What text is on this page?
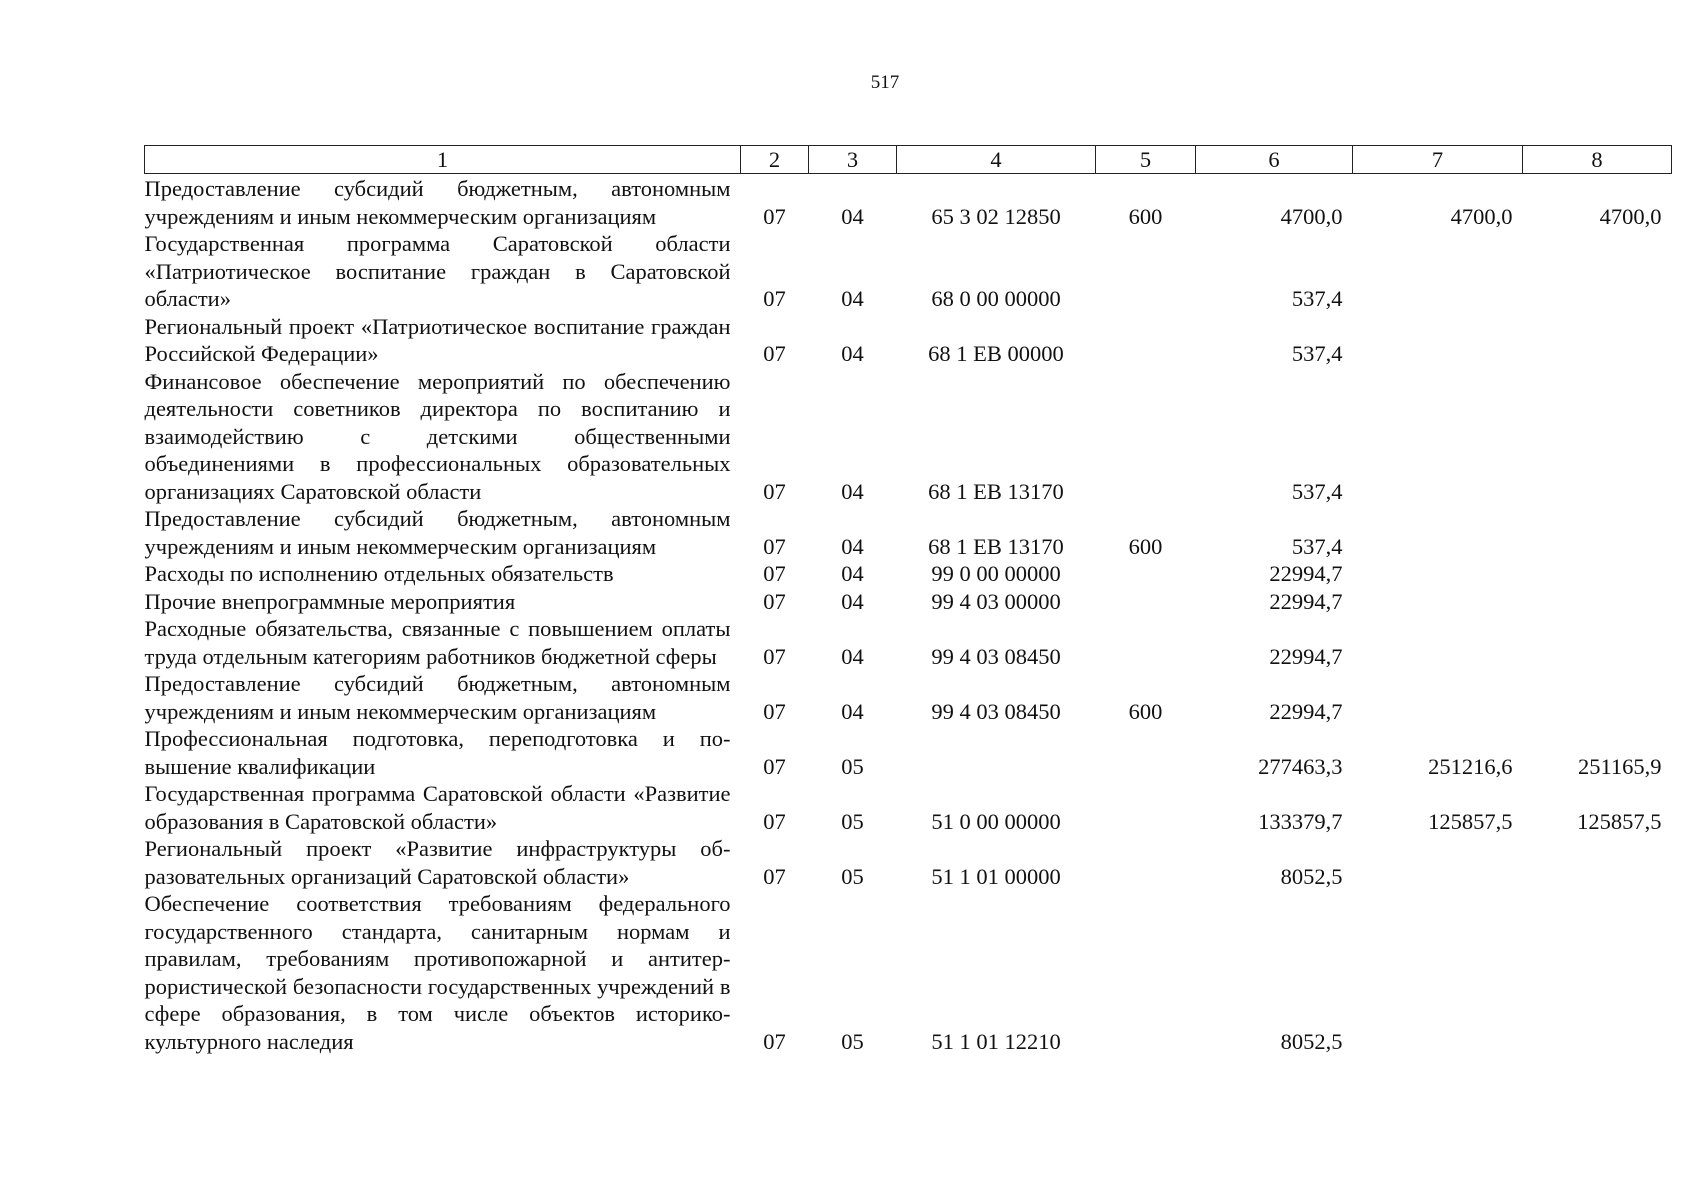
517
1	2	3	4	5	6	7	8
Предоставление субсидий бюджетным, автономным учреждениям и иным некоммерческим организациям	07	04	65 3 02 12850	600	4700,0	4700,0	4700,0
Государственная программа Саратовской области «Патриотическое воспитание граждан в Саратовской области»	07	04	68 0 00 00000		537,4		
Региональный проект «Патриотическое воспитание граждан Российской Федерации»	07	04	68 1 ЕВ 00000		537,4		
Финансовое обеспечение мероприятий по обеспечению деятельности советников директора по воспитанию и взаимодействию с детскими общественными объединениями в профессиональных образовательных организациях Саратовской области	07	04	68 1 ЕВ 13170		537,4		
Предоставление субсидий бюджетным, автономным учреждениям и иным некоммерческим организациям	07	04	68 1 ЕВ 13170	600	537,4		
Расходы по исполнению отдельных обязательств	07	04	99 0 00 00000		22994,7		
Прочие внепрограммные мероприятия	07	04	99 4 03 00000		22994,7		
Расходные обязательства, связанные с повышением оплаты труда отдельным категориям работников бюджетной сферы	07	04	99 4 03 08450		22994,7		
Предоставление субсидий бюджетным, автономным учреждениям и иным некоммерческим организациям	07	04	99 4 03 08450	600	22994,7		
Профессиональная подготовка, переподготовка и повышение квалификации	07	05			277463,3	251216,6	251165,9
Государственная программа Саратовской области «Развитие образования в Саратовской области»	07	05	51 0 00 00000		133379,7	125857,5	125857,5
Региональный проект «Развитие инфраструктуры образовательных организаций Саратовской области»	07	05	51 1 01 00000		8052,5		
Обеспечение соответствия требованиям федерального государственного стандарта, санитарным нормам и правилам, требованиям противопожарной и антитеррористической безопасности государственных учреждений в сфере образования, в том числе объектов историко-культурного наследия	07	05	51 1 01 12210		8052,5		
